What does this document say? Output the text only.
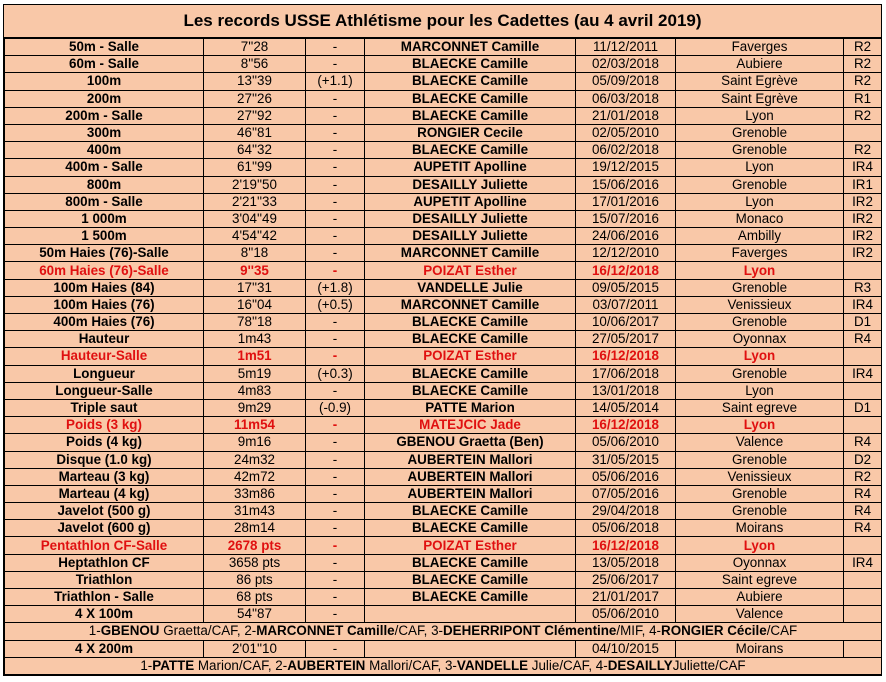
Les records USSE Athlétisme pour les Cadettes (au 4 avril 2019)
50m - Salle	7''28	-	MARCONNET Camille	11/12/2011	Faverges	R2
60m - Salle	8''56	-	BLAECKE Camille	02/03/2018	Aubiere	R2
100m	13''39	(+1.1)	BLAECKE Camille	05/09/2018	Saint Egrève	R2
200m	27''26	-	BLAECKE Camille	06/03/2018	Saint Egrève	R1
200m - Salle	27''92	-	BLAECKE Camille	21/01/2018	Lyon	R2
300m	46''81	-	RONGIER Cecile	02/05/2010	Grenoble	
400m	64''32	-	BLAECKE Camille	06/02/2018	Grenoble	R2
400m - Salle	61''99	-	AUPETIT Apolline	19/12/2015	Lyon	IR4
800m	2'19''50	-	DESAILLY Juliette	15/06/2016	Grenoble	IR1
800m - Salle	2'21''33	-	AUPETIT Apolline	17/01/2016	Lyon	IR2
1 000m	3'04''49	-	DESAILLY Juliette	15/07/2016	Monaco	IR2
1 500m	4'54''42	-	DESAILLY Juliette	24/06/2016	Ambilly	IR2
50m Haies (76)-Salle	8''18	-	MARCONNET Camille	12/12/2010	Faverges	IR2
60m Haies (76)-Salle	9''35	-	POIZAT Esther	16/12/2018	Lyon	
100m Haies (84)	17''31	(+1.8)	VANDELLE Julie	09/05/2015	Grenoble	R3
100m Haies (76)	16''04	(+0.5)	MARCONNET Camille	03/07/2011	Venissieux	IR4
400m Haies (76)	78''18	-	BLAECKE Camille	10/06/2017	Grenoble	D1
Hauteur	1m43	-	BLAECKE Camille	27/05/2017	Oyonnax	R4
Hauteur-Salle	1m51	-	POIZAT Esther	16/12/2018	Lyon	
Longueur	5m19	(+0.3)	BLAECKE Camille	17/06/2018	Grenoble	IR4
Longueur-Salle	4m83	-	BLAECKE Camille	13/01/2018	Lyon	
Triple saut	9m29	(-0.9)	PATTE Marion	14/05/2014	Saint egreve	D1
Poids (3 kg)	11m54	-	MATEJCIC Jade	16/12/2018	Lyon	
Poids (4 kg)	9m16	-	GBENOU Graetta (Ben)	05/06/2010	Valence	R4
Disque (1.0 kg)	24m32	-	AUBERTEIN Mallori	31/05/2015	Grenoble	D2
Marteau (3 kg)	42m72	-	AUBERTEIN Mallori	05/06/2016	Venissieux	R2
Marteau (4 kg)	33m86	-	AUBERTEIN Mallori	07/05/2016	Grenoble	R4
Javelot (500 g)	31m43	-	BLAECKE Camille	29/04/2018	Grenoble	R4
Javelot (600 g)	28m14	-	BLAECKE Camille	05/06/2018	Moirans	R4
Pentathlon CF-Salle	2678 pts	-	POIZAT Esther	16/12/2018	Lyon	
Heptathlon CF	3658 pts	-	BLAECKE Camille	13/05/2018	Oyonnax	IR4
Triathlon	86 pts	-	BLAECKE Camille	25/06/2017	Saint egreve	
Triathlon - Salle	68 pts	-	BLAECKE Camille	21/01/2017	Aubiere	
4 X 100m	54''87	-		05/06/2010	Valence	
1-GBENOU Graetta/CAF, 2-MARCONNET Camille/CAF, 3-DEHERRIPONT Clémentine/MIF, 4-RONGIER Cécile/CAF						
4 X 200m	2'01''10	-		04/10/2015	Moirans	
1-PATTE Marion/CAF, 2-AUBERTEIN Mallori/CAF, 3-VANDELLE Julie/CAF, 4-DESAILLYJuliette/CAF						
